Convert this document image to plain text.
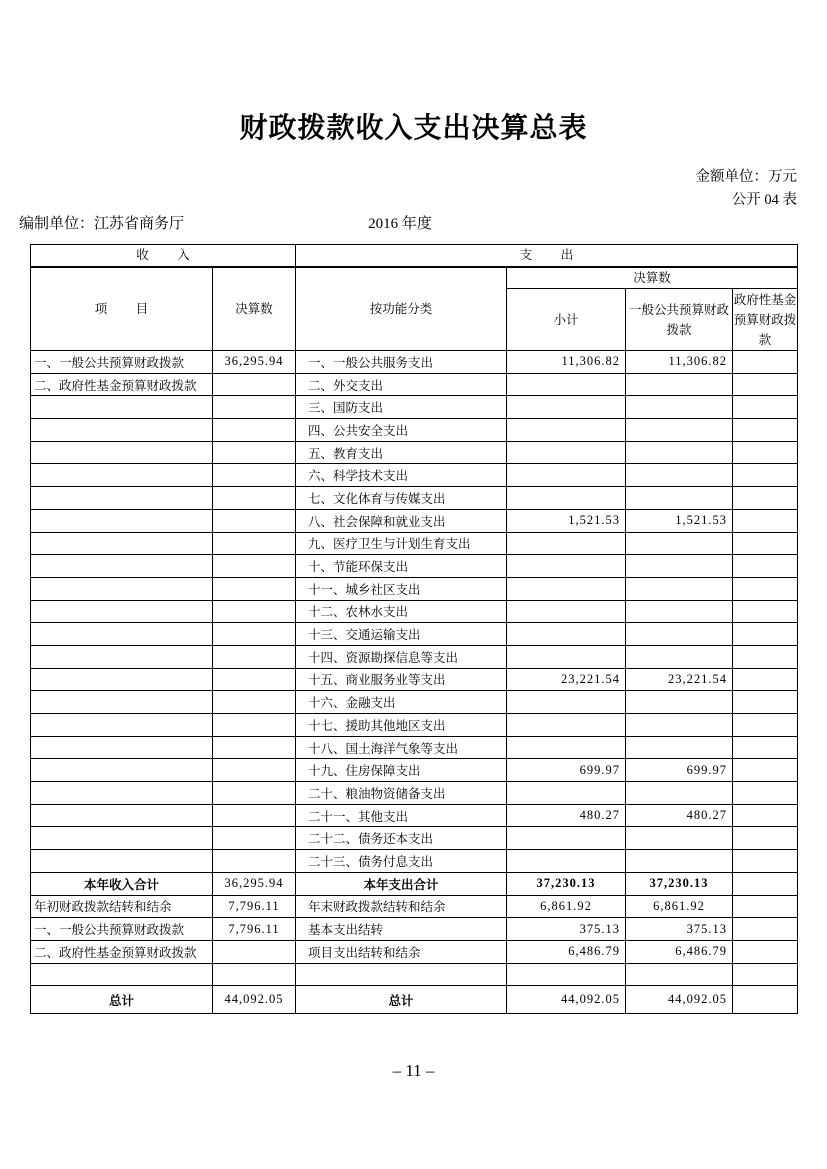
财政拨款收入支出决算总表
金额单位：万元
公开 04 表
编制单位：江苏省商务厅	2016 年度
收    入		支    出			
项    目	决算数	按功能分类	决算数		
			小计	一般公共预算财政拨款	政府性基金预算财政拨款
一、一般公共预算财政拨款	36,295.94	一、一般公共服务支出	11,306.82	11,306.82	
二、政府性基金预算财政拨款		二、外交支出			
		三、国防支出			
		四、公共安全支出			
		五、教育支出			
		六、科学技术支出			
		七、文化体育与传媒支出			
		八、社会保障和就业支出	1,521.53	1,521.53	
		九、医疗卫生与计划生育支出			
		十、节能环保支出			
		十一、城乡社区支出			
		十二、农林水支出			
		十三、交通运输支出			
		十四、资源勘探信息等支出			
		十五、商业服务业等支出	23,221.54	23,221.54	
		十六、金融支出			
		十七、援助其他地区支出			
		十八、国土海洋气象等支出			
		十九、住房保障支出	699.97	699.97	
		二十、粮油物资储备支出			
		二十一、其他支出	480.27	480.27	
		二十二、债务还本支出			
		二十三、债务付息支出			
本年收入合计	36,295.94	本年支出合计	37,230.13	37,230.13	
年初财政拨款结转和结余	7,796.11	年末财政拨款结转和结余	6,861.92	6,861.92	
一、一般公共预算财政拨款	7,796.11	基本支出结转	375.13	375.13	
二、政府性基金预算财政拨款		项目支出结转和结余	6,486.79	6,486.79	

总计	44,092.05	总计	44,092.05	44,092.05	
– 11 –
